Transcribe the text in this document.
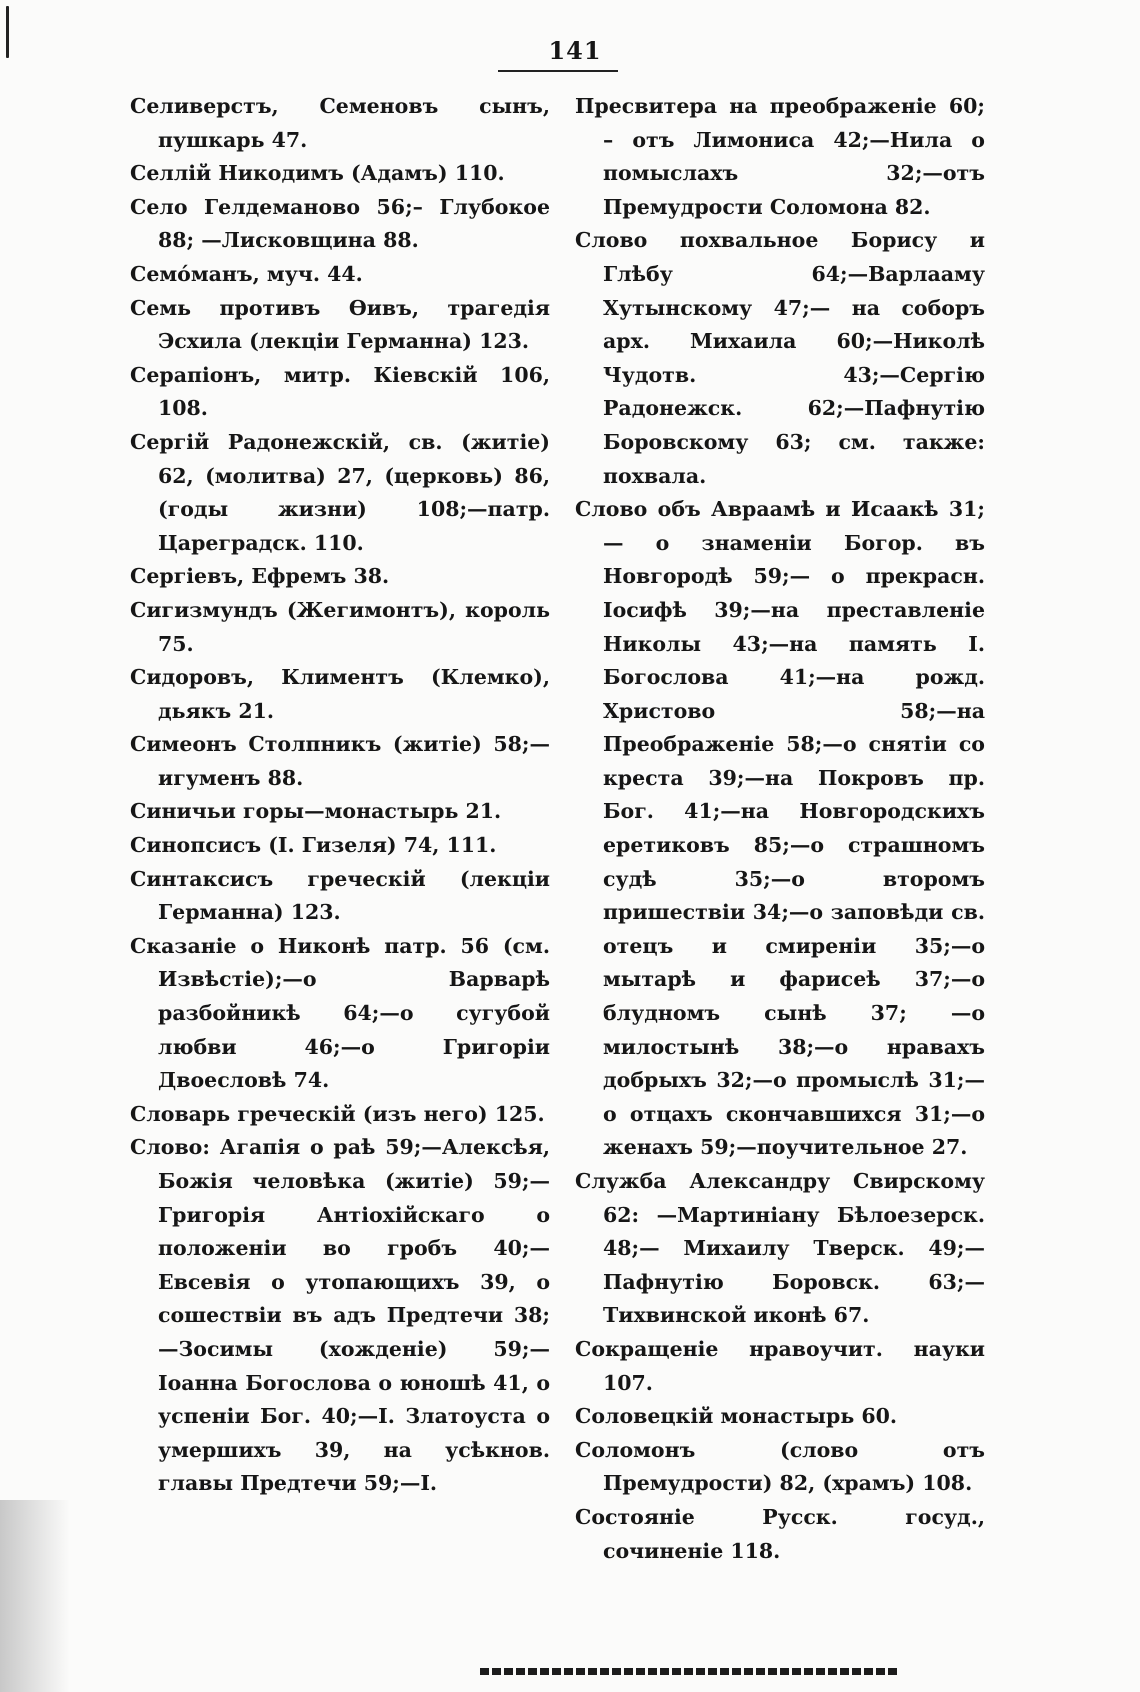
141
Селиверстъ, Семеновъ сынъ, пушкарь 47.
Селлій Никодимъ (Адамъ) 110.
Село Гелдеманово 56;– Глубокое 88; —Лисковщина 88.
Семо́манъ, муч. 44.
Семь противъ Өивъ, трагедія Эсхила (лекціи Германна) 123.
Серапіонъ, митр. Кіевскій 106, 108.
Сергій Радонежскій, св. (житіе) 62, (молитва) 27, (церковь) 86, (годы жизни) 108;—патр. Цареградск. 110.
Сергіевъ, Ефремъ 38.
Сигизмундъ (Жегимонтъ), король 75.
Сидоровъ, Климентъ (Клемко), дьякъ 21.
Симеонъ Столпникъ (житіе) 58;— игуменъ 88.
Синичьи горы—монастырь 21.
Синопсисъ (І. Гизеля) 74, 111.
Синтаксисъ греческій (лекціи Германна) 123.
Сказаніе о Никонѣ патр. 56 (см. Извѣстіе);—о Варварѣ разбойникѣ 64;—о сугубой любви 46;—о Григоріи Двоесловѣ 74.
Словарь греческій (изъ него) 125.
Слово: Агапія о раѣ 59;—Алексѣя, Божія человѣка (житіе) 59;—Григорія Антіохійскаго о положеніи во гробъ 40;—Евсевія о утопающихъ 39, о сошествіи въ адъ Предтечи 38;—Зосимы (хожденіе) 59;—Іоанна Богослова о юношѣ 41, о успеніи Бог. 40;—І. Златоуста о умершихъ 39, на усѣкнов. главы Предтечи 59;—І.
Пресвитера на преображеніе 60; – отъ Лимониса 42;—Нила о помыслахъ 32;—отъ Премудрости Соломона 82.
Слово похвальное Борису и Глѣбу 64;—Варлааму Хутынскому 47;— на соборъ арх. Михаила 60;—Николѣ Чудотв. 43;—Сергію Радонежск. 62;—Пафнутію Боровскому 63; см. также: похвала.
Слово объ Авраамѣ и Исаакѣ 31;— о знаменіи Богор. въ Новгородѣ 59;— о прекрасн. Іосифѣ 39;—на преставленіе Николы 43;—на память І. Богослова 41;—на рожд. Христово 58;—на Преображеніе 58;—о снятіи со креста 39;—на Покровъ пр. Бог. 41;—на Новгородскихъ еретиковъ 85;—о страшномъ судѣ 35;—о второмъ пришествіи 34;—о заповѣди св. отецъ и смиреніи 35;—о мытарѣ и фарисеѣ 37;—о блудномъ сынѣ 37; —о милостынѣ 38;—о нравахъ добрыхъ 32;—о промыслѣ 31;— о отцахъ скончавшихся 31;—о женахъ 59;—поучительное 27.
Служба Александру Свирскому 62: —Мартиніану Бѣлоезерск. 48;— Михаилу Тверск. 49;—Пафнутію Боровск. 63;—Тихвинской иконѣ 67.
Сокращеніе нравоучит. науки 107.
Соловецкій монастырь 60.
Соломонъ (слово отъ Премудрости) 82, (храмъ) 108.
Состояніе Русск. госуд., сочиненіе 118.
